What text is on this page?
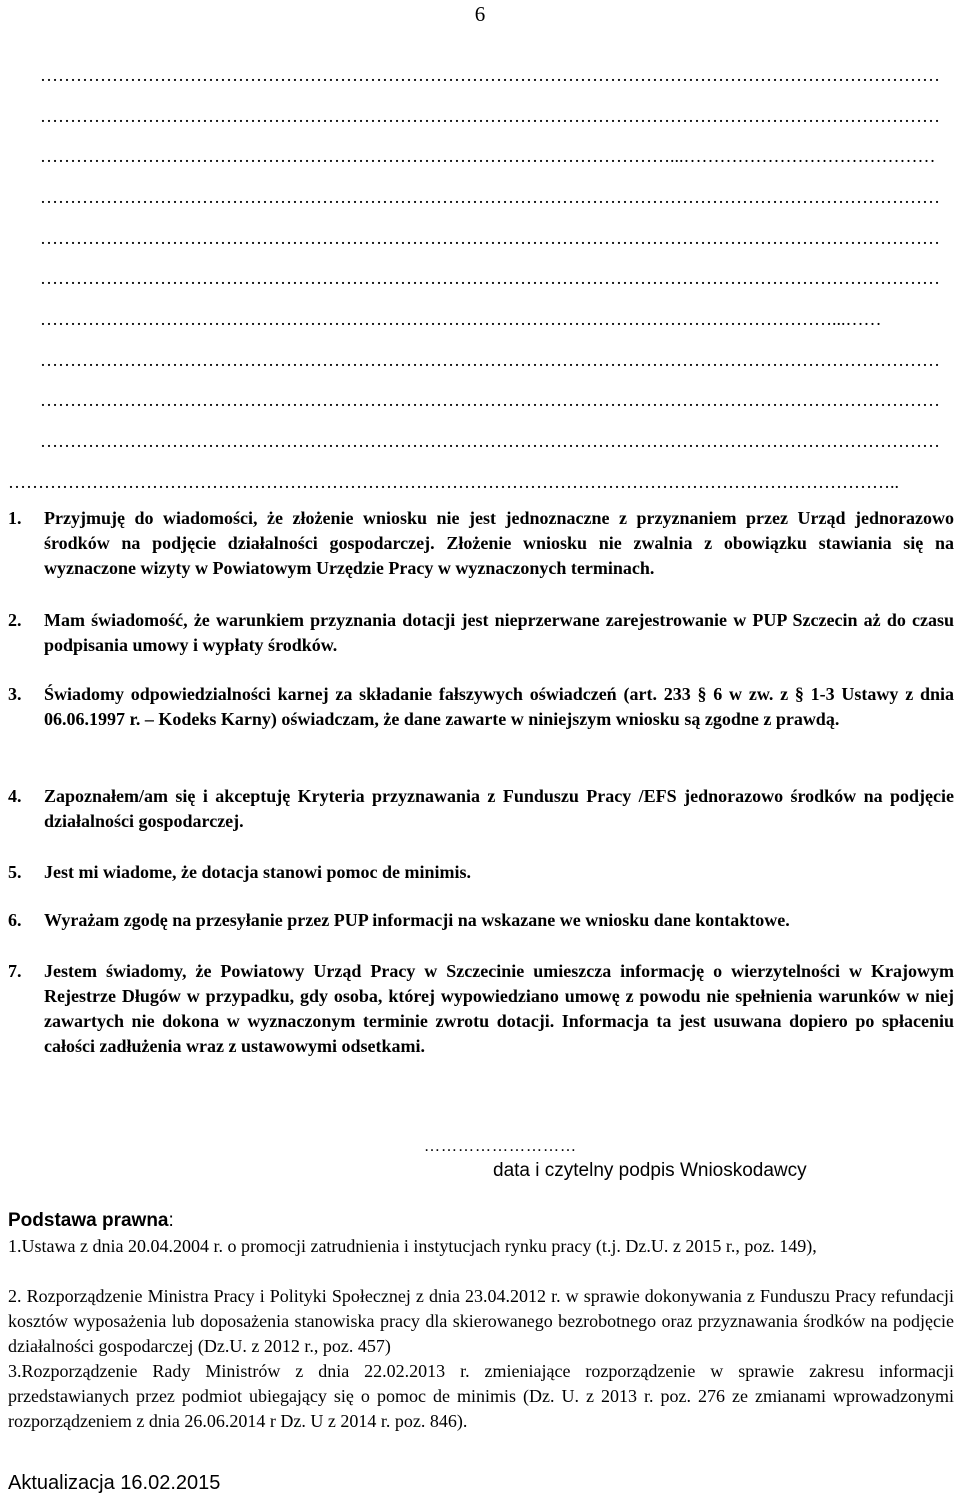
6
……………………………………………………………………………………………………………………………………
……………………………………………………………………………………………………………………………………
……………………………………………………………………………………………...……………………………………
……………………………………………………………………………………………………………………………………
……………………………………………………………………………………………………………………………………
……………………………………………………………………………………………………………………………………
……………………………………………………………………………………………………………………...……
……………………………………………………………………………………………………………………………………
……………………………………………………………………………………………………………………………………
……………………………………………………………………………………………………………………………………
…………………………………………………………………………………………………………………………………..
1.	Przyjmuję do wiadomości, że złożenie wniosku nie jest jednoznaczne z przyznaniem przez Urząd jednorazowo środków na podjęcie działalności gospodarczej. Złożenie wniosku nie zwalnia z obowiązku stawiania się na wyznaczone wizyty w Powiatowym Urzędzie Pracy w wyznaczonych terminach.
2.	Mam świadomość, że warunkiem przyznania dotacji jest nieprzerwane zarejestrowanie w PUP Szczecin aż do czasu podpisania umowy i wypłaty środków.
3.	Świadomy odpowiedzialności karnej za składanie fałszywych oświadczeń (art. 233 § 6 w zw. z § 1-3 Ustawy z dnia 06.06.1997 r. – Kodeks Karny) oświadczam, że dane zawarte w niniejszym wniosku są zgodne z prawdą.
4.	Zapoznałem/am się i akceptuję Kryteria przyznawania z Funduszu Pracy /EFS jednorazowo środków na podjęcie działalności gospodarczej.
5.	Jest mi wiadome, że dotacja stanowi pomoc de minimis.
6.	Wyrażam zgodę na przesyłanie przez PUP informacji na wskazane we wniosku dane kontaktowe.
7.	Jestem świadomy, że Powiatowy Urząd Pracy w Szczecinie umieszcza informację o wierzytelności w Krajowym Rejestrze Długów w przypadku, gdy osoba, której wypowiedziano umowę z powodu nie spełnienia warunków w niej zawartych nie dokona w wyznaczonym terminie zwrotu dotacji. Informacja ta jest usuwana dopiero po spłaceniu całości zadłużenia wraz z ustawowymi odsetkami.
………………………
data i czytelny podpis Wnioskodawcy
Podstawa prawna:
1.Ustawa z dnia 20.04.2004 r. o promocji zatrudnienia i instytucjach rynku pracy (t.j. Dz.U. z 2015 r., poz. 149),
2. Rozporządzenie Ministra Pracy i Polityki Społecznej z dnia 23.04.2012 r. w sprawie dokonywania z Funduszu Pracy refundacji kosztów wyposażenia lub doposażenia stanowiska pracy dla skierowanego bezrobotnego oraz przyznawania środków na podjęcie działalności gospodarczej (Dz.U. z 2012 r., poz. 457)
3.Rozporządzenie Rady Ministrów z dnia 22.02.2013 r. zmieniające rozporządzenie w sprawie zakresu informacji przedstawianych przez podmiot ubiegający się o pomoc de minimis (Dz. U. z 2013 r. poz. 276 ze zmianami wprowadzonymi rozporządzeniem z dnia 26.06.2014 r Dz. U z 2014 r. poz. 846).
Aktualizacja 16.02.2015
